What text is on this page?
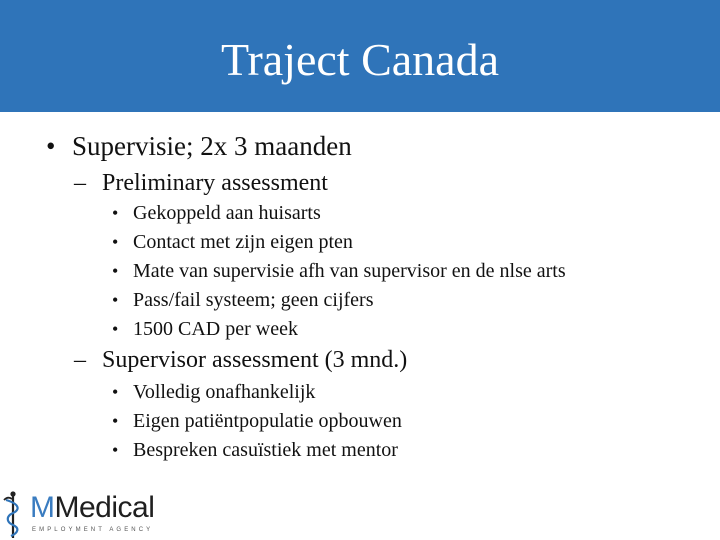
Traject Canada
• Supervisie; 2x 3 maanden
– Preliminary assessment
• Gekoppeld aan huisarts
• Contact met zijn eigen pten
• Mate van supervisie afh van supervisor en de nlse arts
• Pass/fail systeem; geen cijfers
• 1500 CAD per week
– Supervisor assessment (3 mnd.)
• Volledig onafhankelijk
• Eigen patiëntpopulatie opbouwen
• Bespreken casuïstiek met mentor
MMedical
EMPLOYMENT AGENCY
